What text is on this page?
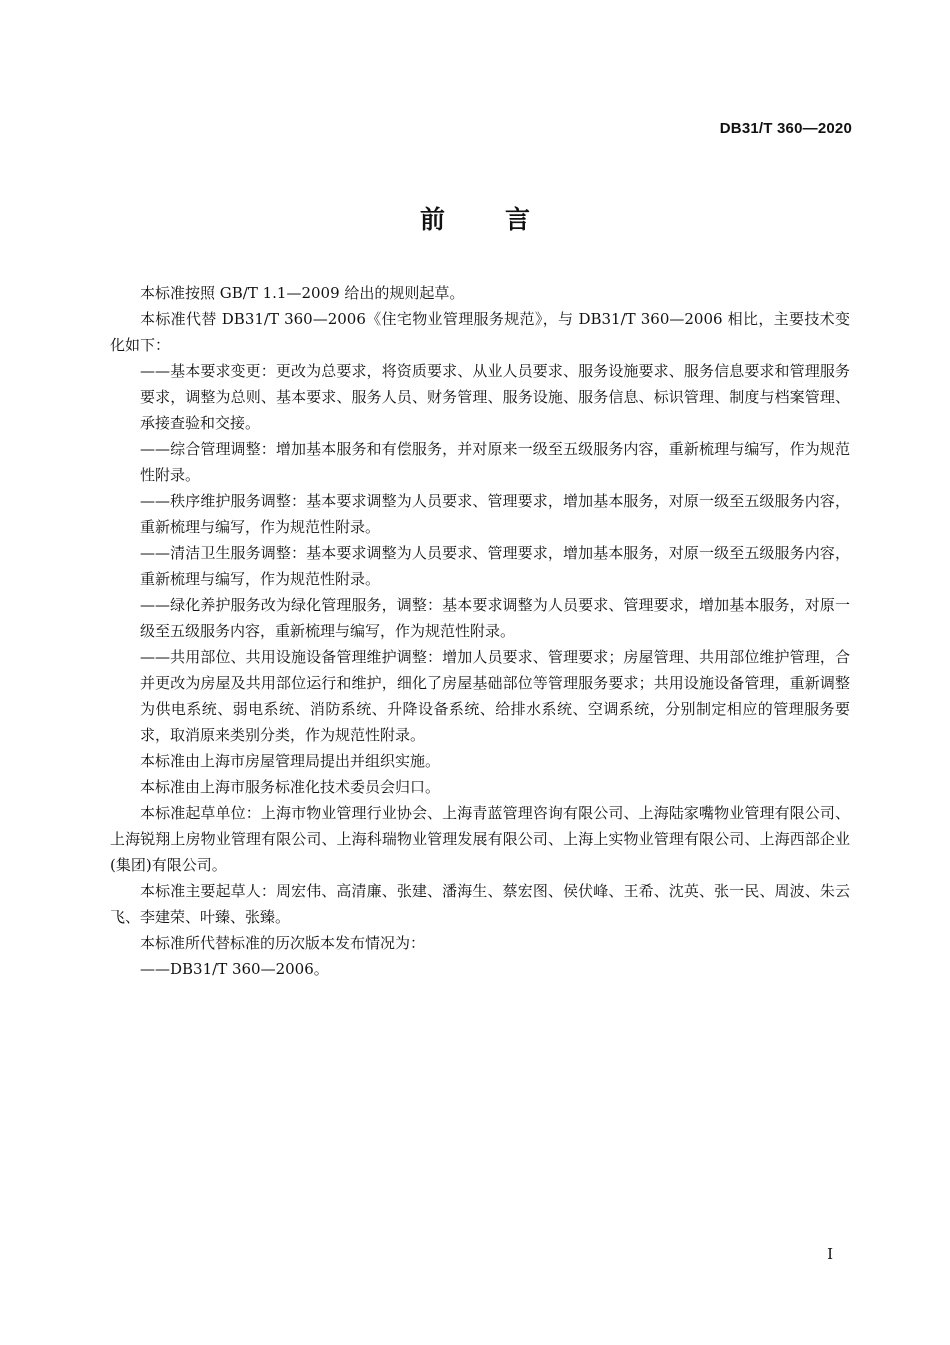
DB31/T 360—2020
前言

本标准按照 GB/T 1.1—2009 给出的规则起草。

本标准代替 DB31/T 360—2006《住宅物业管理服务规范》，与 DB31/T 360—2006 相比，主要技术变化如下：

——基本要求变更：更改为总要求，将资质要求、从业人员要求、服务设施要求、服务信息要求和管理服务要求，调整为总则、基本要求、服务人员、财务管理、服务设施、服务信息、标识管理、制度与档案管理、承接查验和交接。

——综合管理调整：增加基本服务和有偿服务，并对原来一级至五级服务内容，重新梳理与编写，作为规范性附录。

——秩序维护服务调整：基本要求调整为人员要求、管理要求，增加基本服务，对原一级至五级服务内容，重新梳理与编写，作为规范性附录。

——清洁卫生服务调整：基本要求调整为人员要求、管理要求，增加基本服务，对原一级至五级服务内容，重新梳理与编写，作为规范性附录。

——绿化养护服务改为绿化管理服务，调整：基本要求调整为人员要求、管理要求，增加基本服务，对原一级至五级服务内容，重新梳理与编写，作为规范性附录。

——共用部位、共用设施设备管理维护调整：增加人员要求、管理要求；房屋管理、共用部位维护管理，合并更改为房屋及共用部位运行和维护，细化了房屋基础部位等管理服务要求；共用设施设备管理，重新调整为供电系统、弱电系统、消防系统、升降设备系统、给排水系统、空调系统，分别制定相应的管理服务要求，取消原来类别分类，作为规范性附录。

本标准由上海市房屋管理局提出并组织实施。

本标准由上海市服务标准化技术委员会归口。

本标准起草单位：上海市物业管理行业协会、上海青蓝管理咨询有限公司、上海陆家嘴物业管理有限公司、上海锐翔上房物业管理有限公司、上海科瑞物业管理发展有限公司、上海上实物业管理有限公司、上海西部企业(集团)有限公司。

本标准主要起草人：周宏伟、高清廉、张建、潘海生、蔡宏图、侯伏峰、王希、沈英、张一民、周波、朱云飞、李建荣、叶臻、张臻。

本标准所代替标准的历次版本发布情况为：

——DB31/T 360—2006。

I
